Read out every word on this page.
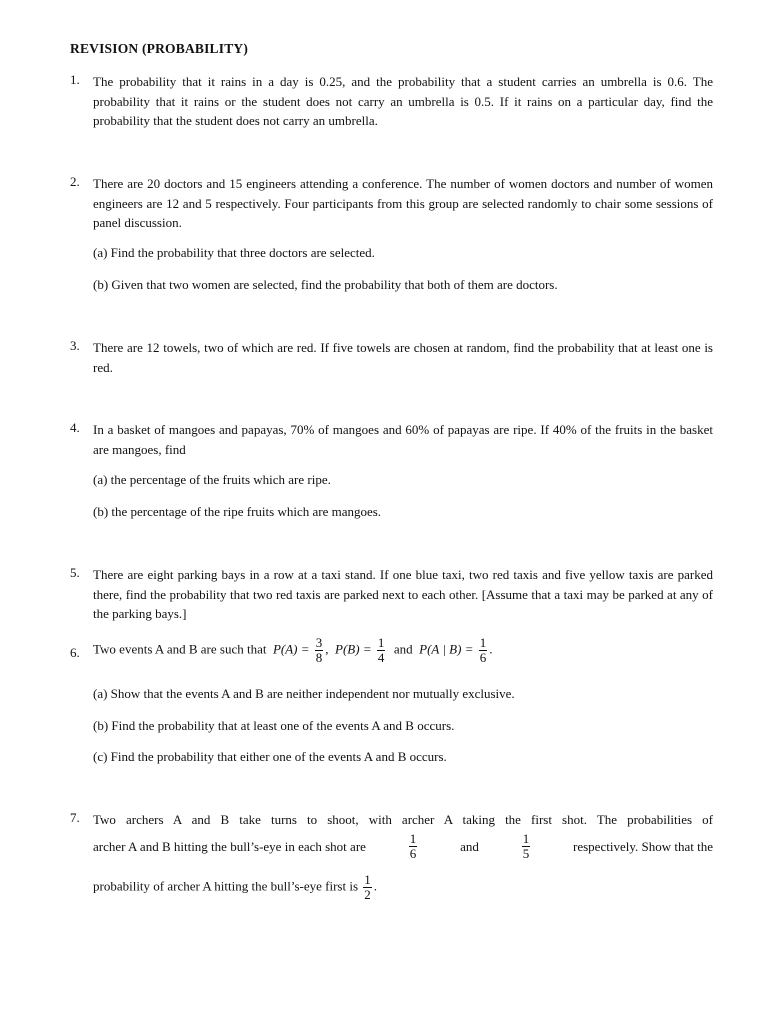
REVISION (PROBABILITY)
1. The probability that it rains in a day is 0.25, and the probability that a student carries an umbrella is 0.6. The probability that it rains or the student does not carry an umbrella is 0.5. If it rains on a particular day, find the probability that the student does not carry an umbrella.
2. There are 20 doctors and 15 engineers attending a conference. The number of women doctors and number of women engineers are 12 and 5 respectively. Four participants from this group are selected randomly to chair some sessions of panel discussion.
(a) Find the probability that three doctors are selected.
(b) Given that two women are selected, find the probability that both of them are doctors.
3. There are 12 towels, two of which are red. If five towels are chosen at random, find the probability that at least one is red.
4. In a basket of mangoes and papayas, 70% of mangoes and 60% of papayas are ripe. If 40% of the fruits in the basket are mangoes, find
(a) the percentage of the fruits which are ripe.
(b) the percentage of the ripe fruits which are mangoes.
5. There are eight parking bays in a row at a taxi stand. If one blue taxi, two red taxis and five yellow taxis are parked there, find the probability that two red taxis are parked next to each other. [Assume that a taxi may be parked at any of the parking bays.]
6. Two events A and B are such that $P(A) = \frac{3}{8}$ , $P(B) = \frac{1}{4}$ and P(A | $B) = \frac{1}{6}$ .
(a) Show that the events A and B are neither independent nor mutually exclusive.
(b) Find the probability that at least one of the events A and B occurs.
(c) Find the probability that either one of the events A and B occurs.
7. Two archers A and B take turns to shoot, with archer A taking the first shot. The probabilities of
archer A and B hitting the bull’s-eye in each shot are	$\frac{1}{6}$	and	$\frac{1}{5}$	respectively. Show that the
probability of archer A hitting the bull’s-eye first is $\frac{1}{2}$ .
